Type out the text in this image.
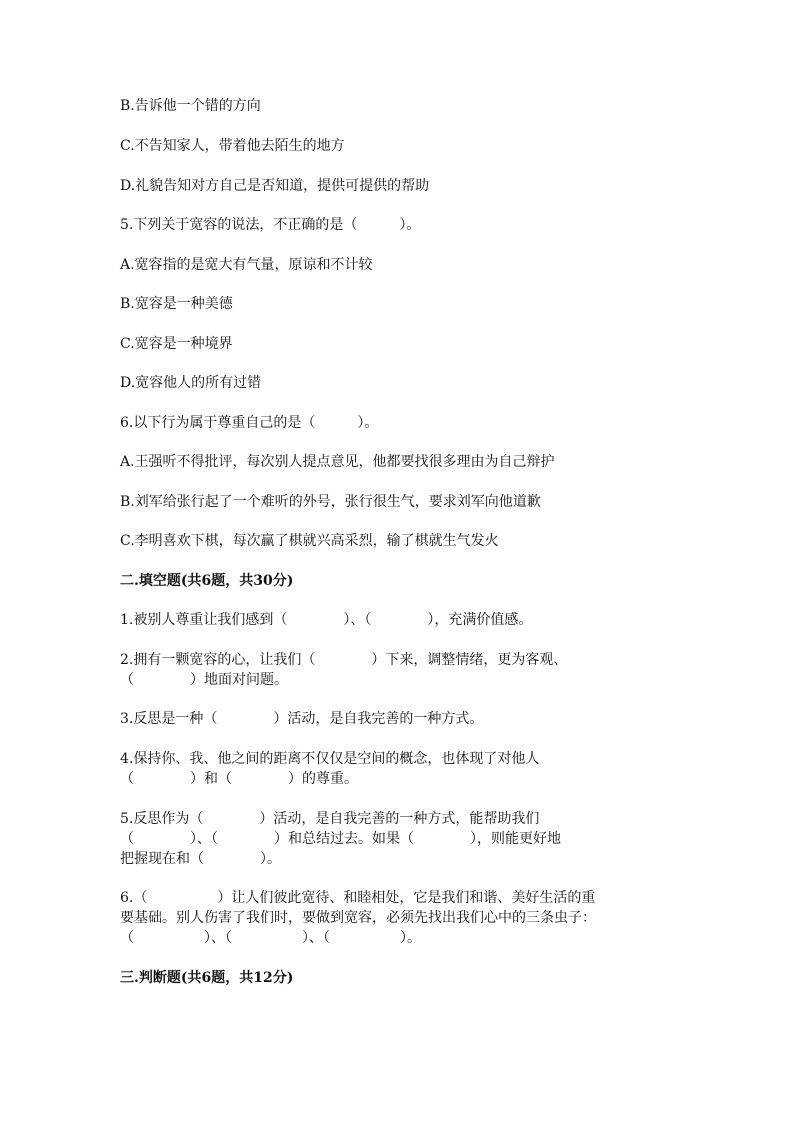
B.告诉他一个错的方向
C.不告知家人，带着他去陌生的地方
D.礼貌告知对方自己是否知道，提供可提供的帮助
5.下列关于宽容的说法，不正确的是（　　　）。
A.宽容指的是宽大有气量，原谅和不计较
B.宽容是一种美德
C.宽容是一种境界
D.宽容他人的所有过错
6.以下行为属于尊重自己的是（　　　）。
A.王强听不得批评，每次别人提点意见，他都要找很多理由为自己辩护
B.刘军给张行起了一个难听的外号，张行很生气，要求刘军向他道歉
C.李明喜欢下棋，每次赢了棋就兴高采烈，输了棋就生气发火
二.填空题(共6题，共30分)
1.被别人尊重让我们感到（　　　　）、（　　　　），充满价值感。
2.拥有一颗宽容的心，让我们（　　　　）下来，调整情绪，更为客观、
（　　　　）地面对问题。
3.反思是一种（　　　　）活动，是自我完善的一种方式。
4.保持你、我、他之间的距离不仅仅是空间的概念，也体现了对他人
（　　　　）和（　　　　）的尊重。
5.反思作为（　　　　）活动，是自我完善的一种方式，能帮助我们
（　　　　）、（　　　　）和总结过去。如果（　　　　），则能更好地
把握现在和（　　　　）。
6.（　　　　　）让人们彼此宽待、和睦相处，它是我们和谐、美好生活的重
要基础。别人伤害了我们时，要做到宽容，必须先找出我们心中的三条虫子：
（　　　　　）、（　　　　　）、（　　　　　）。
三.判断题(共6题，共12分)
